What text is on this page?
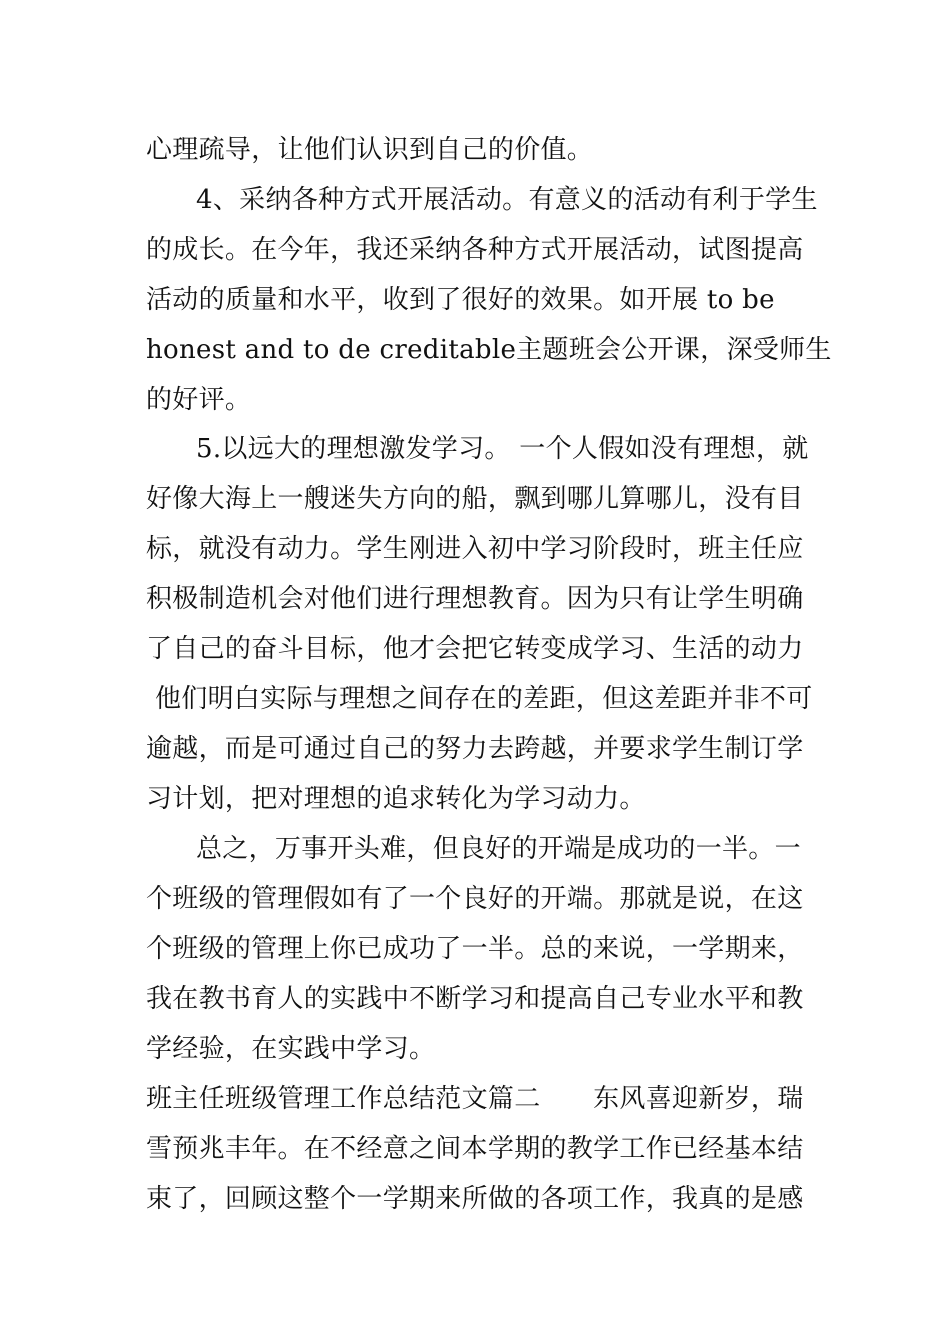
心理疏导，让他们认识到自己的价值。
4、采纳各种方式开展活动。有意义的活动有利于学生
的成长。在今年，我还采纳各种方式开展活动，试图提高
活动的质量和水平，收到了很好的效果。如开展 to be
honest and to de creditable主题班会公开课，深受师生
的好评。
5.以远大的理想激发学习。 一个人假如没有理想，就
好像大海上一艘迷失方向的船，飘到哪儿算哪儿，没有目
标，就没有动力。学生刚进入初中学习阶段时，班主任应
积极制造机会对他们进行理想教育。因为只有让学生明确
了自己的奋斗目标，他才会把它转变成学习、生活的动力
他们明白实际与理想之间存在的差距，但这差距并非不可
逾越，而是可通过自己的努力去跨越，并要求学生制订学
习计划，把对理想的追求转化为学习动力。
总之，万事开头难，但良好的开端是成功的一半。一
个班级的管理假如有了一个良好的开端。那就是说，在这
个班级的管理上你已成功了一半。总的来说，一学期来，
我在教书育人的实践中不断学习和提高自己专业水平和教
学经验，在实践中学习。
班主任班级管理工作总结范文篇二　　东风喜迎新岁，瑞
雪预兆丰年。在不经意之间本学期的教学工作已经基本结
束了，回顾这整个一学期来所做的各项工作，我真的是感
